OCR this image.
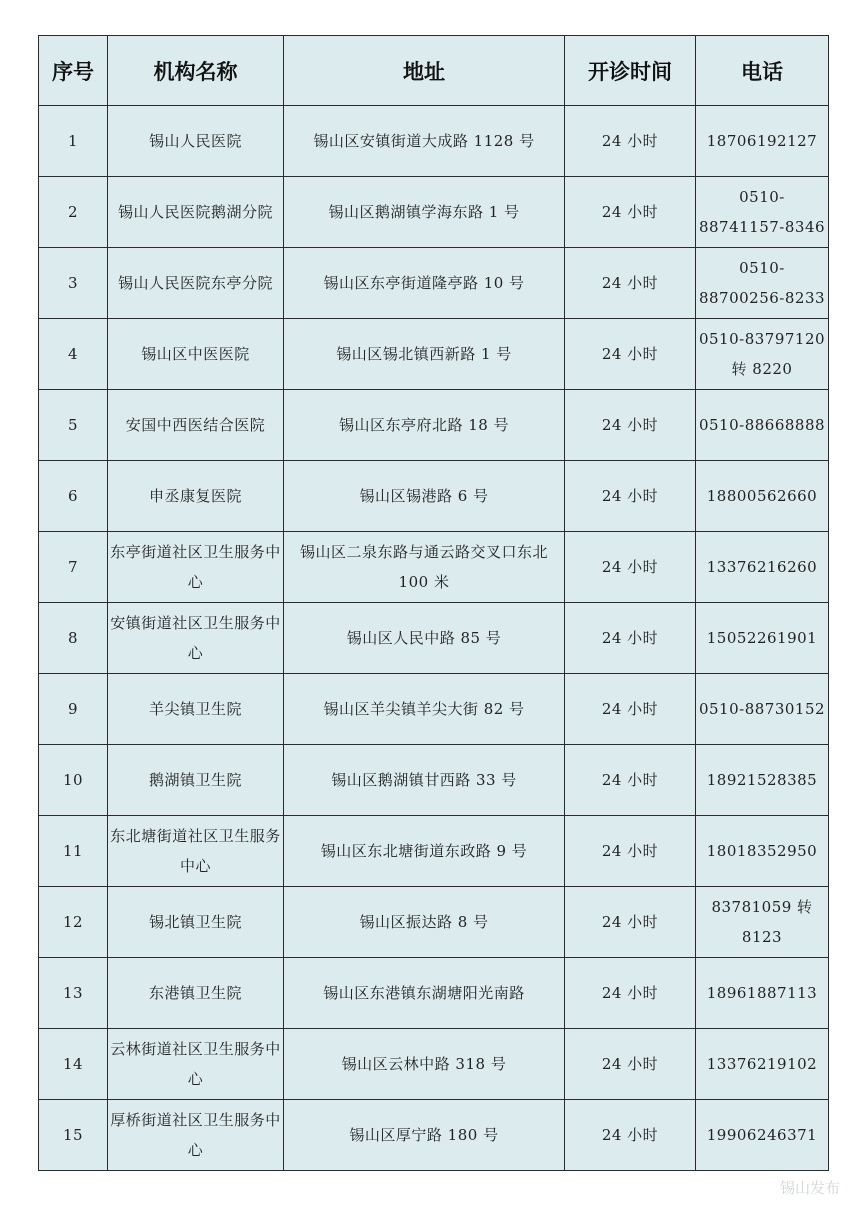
序号	机构名称	地址	开诊时间	电话
1	锡山人民医院	锡山区安镇街道大成路 1128 号	24 小时	18706192127
2	锡山人民医院鹅湖分院	锡山区鹅湖镇学海东路 1 号	24 小时	0510-88741157-8346
3	锡山人民医院东亭分院	锡山区东亭街道隆亭路 10 号	24 小时	0510-88700256-8233
4	锡山区中医医院	锡山区锡北镇西新路 1 号	24 小时	0510-83797120 转 8220
5	安国中西医结合医院	锡山区东亭府北路 18 号	24 小时	0510-88668888
6	申丞康复医院	锡山区锡港路 6 号	24 小时	18800562660
7	东亭街道社区卫生服务中心	锡山区二泉东路与通云路交叉口东北 100 米	24 小时	13376216260
8	安镇街道社区卫生服务中心	锡山区人民中路 85 号	24 小时	15052261901
9	羊尖镇卫生院	锡山区羊尖镇羊尖大街 82 号	24 小时	0510-88730152
10	鹅湖镇卫生院	锡山区鹅湖镇甘西路 33 号	24 小时	18921528385
11	东北塘街道社区卫生服务中心	锡山区东北塘街道东政路 9 号	24 小时	18018352950
12	锡北镇卫生院	锡山区振达路 8 号	24 小时	83781059 转 8123
13	东港镇卫生院	锡山区东港镇东湖塘阳光南路	24 小时	18961887113
14	云林街道社区卫生服务中心	锡山区云林中路 318 号	24 小时	13376219102
15	厚桥街道社区卫生服务中心	锡山区厚宁路 180 号	24 小时	19906246371
锡山发布
